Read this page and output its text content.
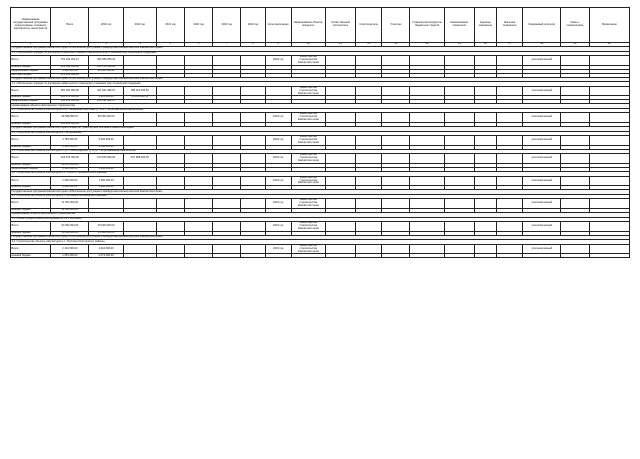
Наименование государственной программы, подпрограммы, основного мероприятия, мероприятия	Всего	2019 год	2020 год	2021 год	2022 год	2023 год	2024 год	Срок реализации	Наименование объекта, мощность	Ответственный исполнитель	Соисполнитель	Участник	Главный распорядитель бюджетных средств	Наименование показателя	Единица измерения	Значение показателя	Ожидаемый результат	Связь с показателями	Примечание
1	2	3	4	5	6	7	8	9	10	11	12	13	14	15	16	17	18	19	20
Государственная программа Камчатского края «Обеспечение доступным и комфортным жильем жителей Камчатского края»																			
1.1. Обеспечение граждан по договорам социального найма в Камчатском крае и оказание мер социальной поддержки																			
Всего	701 042 202,12	306 283 265,44						2019 год	Министерство строительства Камчатского края								уполномоченный		
краевой бюджет	201 993 333,00	109 709 394,00																	
федеральный бюджет	3 550 000,00	41 261 560,41																	
местный бюджет	978 168 868,00																		
Государственная программа Камчатского края «Обеспечение доступным и комфортным жильем жителей Камчатского края»																			
1.2. Обеспечение граждан по договорам найма жилого помещения и оказание мер социальной поддержки																			
Всего	381 354 000,00	321 941 489,97	285 116 003,53						Министерство строительства Камчатского края								уполномоченный		
краевой бюджет	104 872 000,00	1 381 600,00	55 164 909,51																
федеральный бюджет	291 354 000,00	219 191 489,97																	
Наименование объекта капитального строительства																			
2.1. Строительство объекта «Жилой дом по ул. Академика Королева, д. 11 в г. Петропавловске-Камчатском»																			
Всего	46 548 508,57	55 000 000,00						2019 год	Министерство строительства Камчатского края								уполномоченный		
краевой бюджет	350 000 000,00																		
Государственная программа Камчатского края «Развитие транспортной системы в Камчатском крае»																			
2.2. Строительство объекта «Жилой дом в г. Вилючинске»																			
Всего	4 784 000,00	6 926 629,00						2019 год	Министерство строительства Камчатского края								уполномоченный		
краевой бюджет	3 964 050,00	3 000 000,00																	
2.3. Строительство объекта «Жилой дом по ул. Ленинградская, д. 40 в г. Петропавловске-Камчатском»																			
Всего	103 979 060,00	103 979 060,00	207 958 000,00					2019 год	Министерство строительства Камчатского края								уполномоченный		
краевой бюджет	13 979 060,00																		
федеральный бюджет	1 130 850,00	1 130 850,00																	
2.4. Строительство объекта «Жилой дом в п. Ключи Усть-Камчатского района»																			
Всего	1 260 000,00	1 260 000,00						2019 год	Министерство строительства Камчатского края								уполномоченный		
краевой бюджет	1 260 000,00	1 260 000,00																	
Государственная программа Камчатского края «Обеспечение доступным и комфортным жильем жителей Камчатского края»																			
2.5. Строительство объекта «Жилой дом в с. Мильково Мильковского района»																			
Всего	11 500 000,00							2019 год	Министерство строительства Камчатского края								уполномоченный		
краевой бюджет	11 500 000,00																		
Наименование объекта капитального строительства																			
3.1. Реконструкция объекта «Котельная № 4 в г. Елизово»																			
Всего	54 094 000,00	15 000 000,00						2019 год	Министерство строительства Камчатского края								уполномоченный		
краевой бюджет	54 094 000,00	15 000 000,00																	
Государственная программа Камчатского края «Обеспечение доступным и комфортным жильем жителей Камчатского края»																			
3.2. Строительство объекта «Жилой дом в с. Тиличики Олюторского района»																			
Всего	2 410 000,00	2 410 000,00						2019 год	Министерство строительства Камчатского края								уполномоченный		
краевой бюджет	1 051 000,00	2 074 000,00																	
